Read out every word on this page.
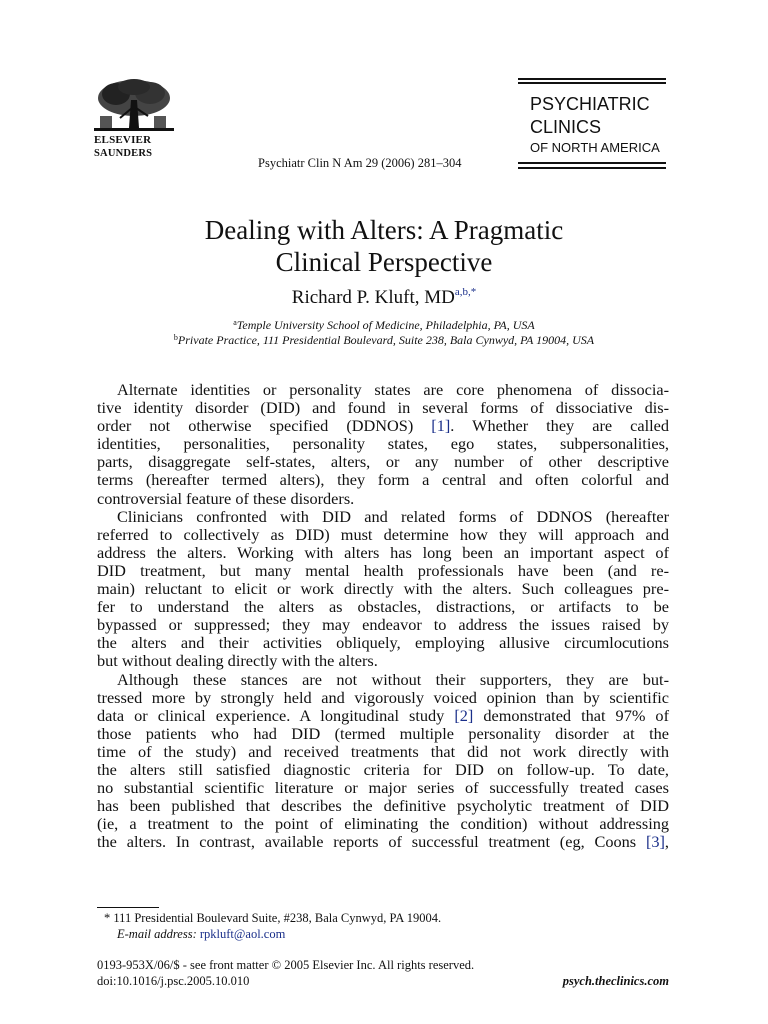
ELSEVIER
SAUNDERS
Psychiatr Clin N Am 29 (2006) 281–304
PSYCHIATRIC
CLINICS
OF NORTH AMERICA
Dealing with Alters: A Pragmatic
Clinical Perspective
Richard P. Kluft, $MD^{a,b,*}$
$^a$Temple University School of Medicine, Philadelphia, PA, USA
$^b$Private Practice, 111 Presidential Boulevard, Suite 238, Bala Cynwyd, PA 19004, USA
Alternate identities or personality states are core phenomena of dissocia-
tive identity disorder (DID) and found in several forms of dissociative dis-
order not otherwise specified (DDNOS) [1]. Whether they are called
identities, personalities, personality states, ego states, subpersonalities,
parts, disaggregate self-states, alters, or any number of other descriptive
terms (hereafter termed alters), they form a central and often colorful and
controversial feature of these disorders.
Clinicians confronted with DID and related forms of DDNOS (hereafter
referred to collectively as DID) must determine how they will approach and
address the alters. Working with alters has long been an important aspect of
DID treatment, but many mental health professionals have been (and re-
main) reluctant to elicit or work directly with the alters. Such colleagues pre-
fer to understand the alters as obstacles, distractions, or artifacts to be
bypassed or suppressed; they may endeavor to address the issues raised by
the alters and their activities obliquely, employing allusive circumlocutions
but without dealing directly with the alters.
Although these stances are not without their supporters, they are but-
tressed more by strongly held and vigorously voiced opinion than by scientific
data or clinical experience. A longitudinal study [2] demonstrated that 97% of
those patients who had DID (termed multiple personality disorder at the
time of the study) and received treatments that did not work directly with
the alters still satisfied diagnostic criteria for DID on follow-up. To date,
no substantial scientific literature or major series of successfully treated cases
has been published that describes the definitive psycholytic treatment of DID
(ie, a treatment to the point of eliminating the condition) without addressing
the alters. In contrast, available reports of successful treatment (eg, Coons [3],
* 111 Presidential Boulevard Suite, #238, Bala Cynwyd, PA 19004.
E-mail address: rpkluft@aol.com
0193-953X/06/$ - see front matter © 2005 Elsevier Inc. All rights reserved.
doi:10.1016/j.psc.2005.10.010	psych.theclinics.com
